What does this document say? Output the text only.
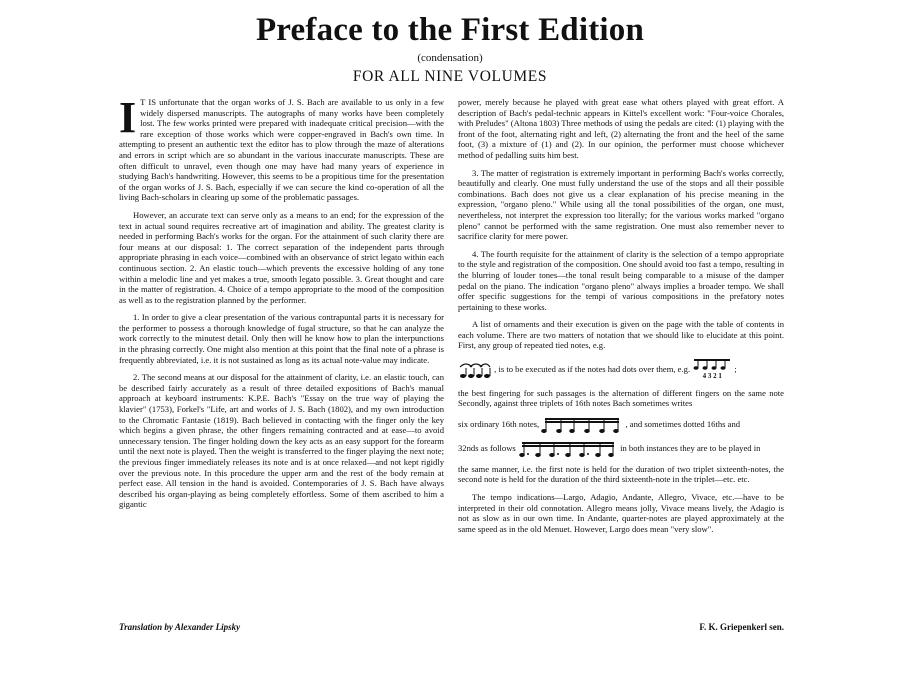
Preface to the First Edition
(condensation)
FOR ALL NINE VOLUMES

I T IS unfortunate that the organ works of J. S. Bach are available to us only in a few widely dispersed manuscripts. The autographs of many works have been completely lost. The few works printed were prepared with inadequate critical precision—with the rare exception of those works which were copper-engraved in Bach's own time. In attempting to present an authentic text the editor has to plow through the maze of alterations and errors in script which are so abundant in the various inaccurate manuscripts. These are often difficult to unravel, even though one may have had many years of experience in studying Bach's handwriting. However, this seems to be a propitious time for the presentation of the organ works of J. S. Bach, especially if we can secure the kind co-operation of all the living Bach-scholars in clearing up some of the problematic passages.

However, an accurate text can serve only as a means to an end; for the expression of the text in actual sound requires recreative art of imagination and ability. The greatest clarity is needed in performing Bach's works for the organ. For the attainment of such clarity there are four means at our disposal: 1. The correct separation of the independent parts through appropriate phrasing in each voice—combined with an observance of strict legato within each continuous section. 2. An elastic touch—which prevents the excessive holding of any tone within a melodic line and yet makes a true, smooth legato possible. 3. Great thought and care in the matter of registration. 4. Choice of a tempo appropriate to the mood of the composition as well as to the registration planned by the performer.

1. In order to give a clear presentation of the various contrapuntal parts it is necessary for the performer to possess a thorough knowledge of fugal structure, so that he can analyze the work correctly to the minutest detail. Only then will he know how to plan the interpunctions in the phrasing correctly. One might also mention at this point that the final note of a phrase is frequently abbreviated, i.e. it is not sustained as long as its actual note-value may indicate.

2. The second means at our disposal for the attainment of clarity, i.e. an elastic touch, can be described fairly accurately as a result of three detailed expositions of Bach's manual approach at keyboard instruments: K.P.E. Bach's "Essay on the true way of playing the klavier" (1753), Forkel's "Life, art and works of J. S. Bach (1802), and my own introduction to the Chromatic Fantasie (1819). Bach believed in contacting with the finger only the key which begins a given phrase, the other fingers remaining contracted and at ease—to avoid unnecessary tension. The finger holding down the key acts as an easy support for the forearm until the next note is played. Then the weight is transferred to the finger playing the next note; the previous finger immediately releases its note and is at once relaxed—and not kept rigidly over the previous note. In this procedure the upper arm and the rest of the body remain at perfect ease. All tension in the hand is avoided. Contemporaries of J. S. Bach have always described his organ-playing as being completely effortless. Some of them ascribed to him a gigantic

power, merely because he played with great ease what others played with great effort. A description of Bach's pedal-technic appears in Kittel's excellent work: "Four-voice Chorales, with Preludes" (Altona 1803) Three methods of using the pedals are cited: (1) playing with the front of the foot, alternating right and left, (2) alternating the front and the heel of the same foot, (3) a mixture of (1) and (2). In our opinion, the performer must choose whichever method of pedalling suits him best.

3. The matter of registration is extremely important in performing Bach's works correctly, beautifully and clearly. One must fully understand the use of the stops and all their possible combinations. Bach does not give us a clear explanation of his precise meaning in the expression, "organo pleno." While using all the tonal possibilities of the organ, one must, nevertheless, not interpret the expression too literally; for the various works marked "organo pleno" cannot be performed with the same registration. One must also remember never to sacrifice clarity for mere power.

4. The fourth requisite for the attainment of clarity is the selection of a tempo appropriate to the style and registration of the composition. One should avoid too fast a tempo, resulting in the blurring of louder tones—the tonal result being comparable to a misuse of the damper pedal on the piano. The indication "organo pleno" always implies a broader tempo. We shall offer specific suggestions for the tempi of various compositions in the prefatory notes pertaining to these works.

A list of ornaments and their execution is given on the page with the table of contents in each volume. There are two matters of notation that we should like to elucidate at this point. First, any group of repeated tied notes, e.g.

, is to be executed as if the notes had dots over them, e.g.
4 3 2 1 ;

the best fingering for such passages is the alternation of different fingers on the same note Secondly, against three triplets of 16th notes Bach sometimes writes

six ordinary 16th notes,	, and sometimes dotted 16ths and
32nds as follows	in both instances they are to be played in

the same manner, i.e. the first note is held for the duration of two triplet sixteenth-notes, the second note is held for the duration of the third sixteenth-note in the triplet—etc. etc.

The tempo indications—Largo, Adagio, Andante, Allegro, Vivace, etc.—have to be interpreted in their old connotation. Allegro means jolly, Vivace means lively, the Adagio is not as slow as in our own time. In Andante, quarter-notes are played approximately at the same speed as in the old Menuet. However, Largo does mean "very slow".

Translation by Alexander Lipsky	F. K. Griepenkerl sen.
